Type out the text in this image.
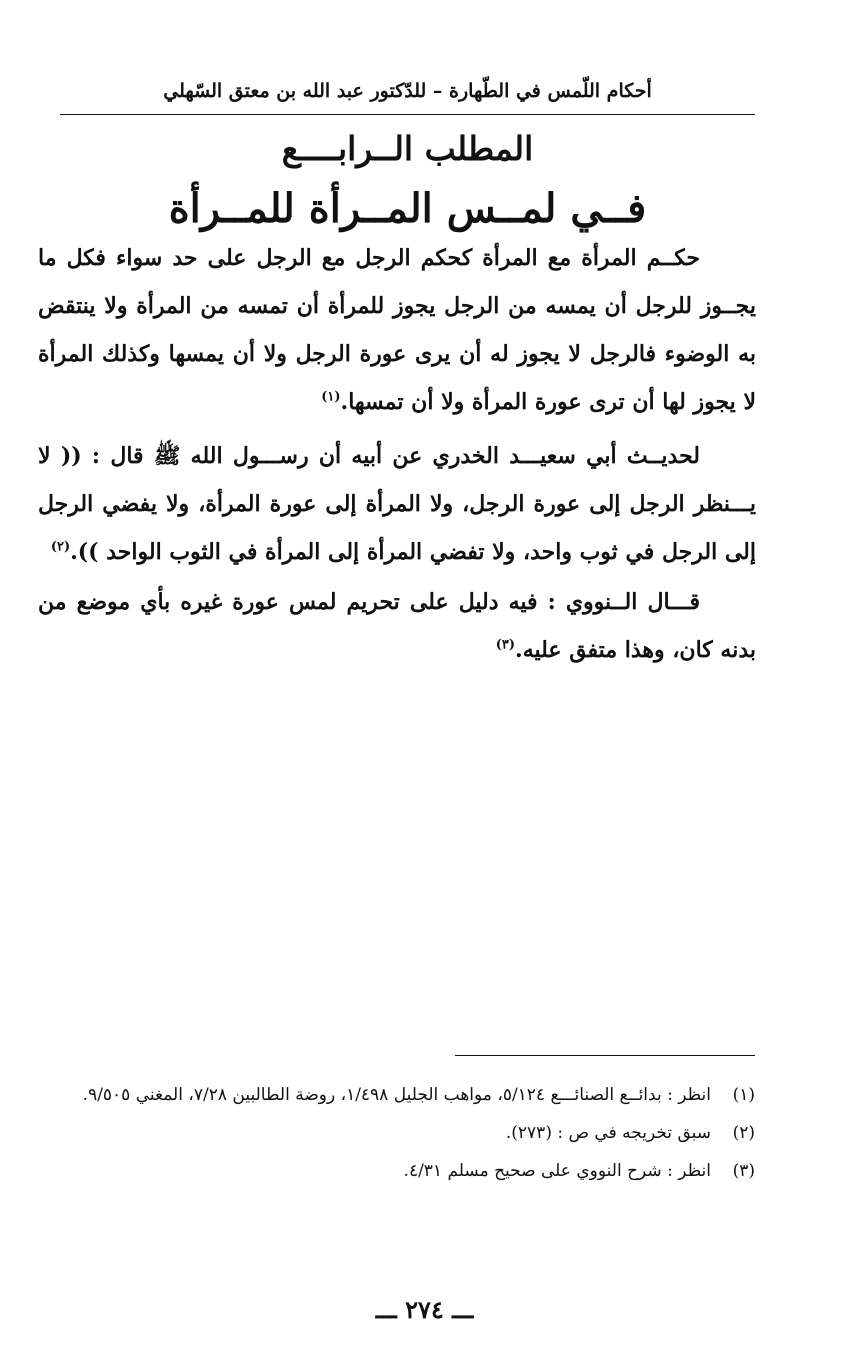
أحكام اللّمس في الطّهارة – للدّكتور عبد الله بن معتق السّهلي
المطلب الــرابــــع
فــي لمــس المــرأة للمــرأة

حكــم المرأة مع المرأة كحكم الرجل مع الرجل على حد سواء فكل ما يجــوز للرجل أن يمسه من الرجل يجوز للمرأة أن تمسه من المرأة ولا ينتقض به الوضوء فالرجل لا يجوز له أن يرى عورة الرجل ولا أن يمسها وكذلك المرأة لا يجوز لها أن ترى عورة المرأة ولا أن تمسها.$^{(١)}$

لحديــث أبي سعيـــد الخدري عن أبيه أن رســـول الله ﷺ قال : (( لا يـــنظر الرجل إلى عورة الرجل، ولا المرأة إلى عورة المرأة، ولا يفضي الرجل إلى الرجل في ثوب واحد، ولا تفضي المرأة إلى المرأة في الثوب الواحد )).$^{(٢)}$

قـــال الــنووي : فيه دليل على تحريم لمس عورة غيره بأي موضع من بدنه كان، وهذا متفق عليه.$^{(٣)}$

(١)انظر : بدائــع الصنائـــع ٥/١٢٤، مواهب الجليل ١/٤٩٨، روضة الطالبين ٧/٢٨، المغني ٩/٥٠٥.

(٢)سبق تخريجه في ص : (٢٧٣).

(٣)انظر : شرح النووي على صحيح مسلم ٤/٣١.

ـــ ٢٧٤ ـــ
